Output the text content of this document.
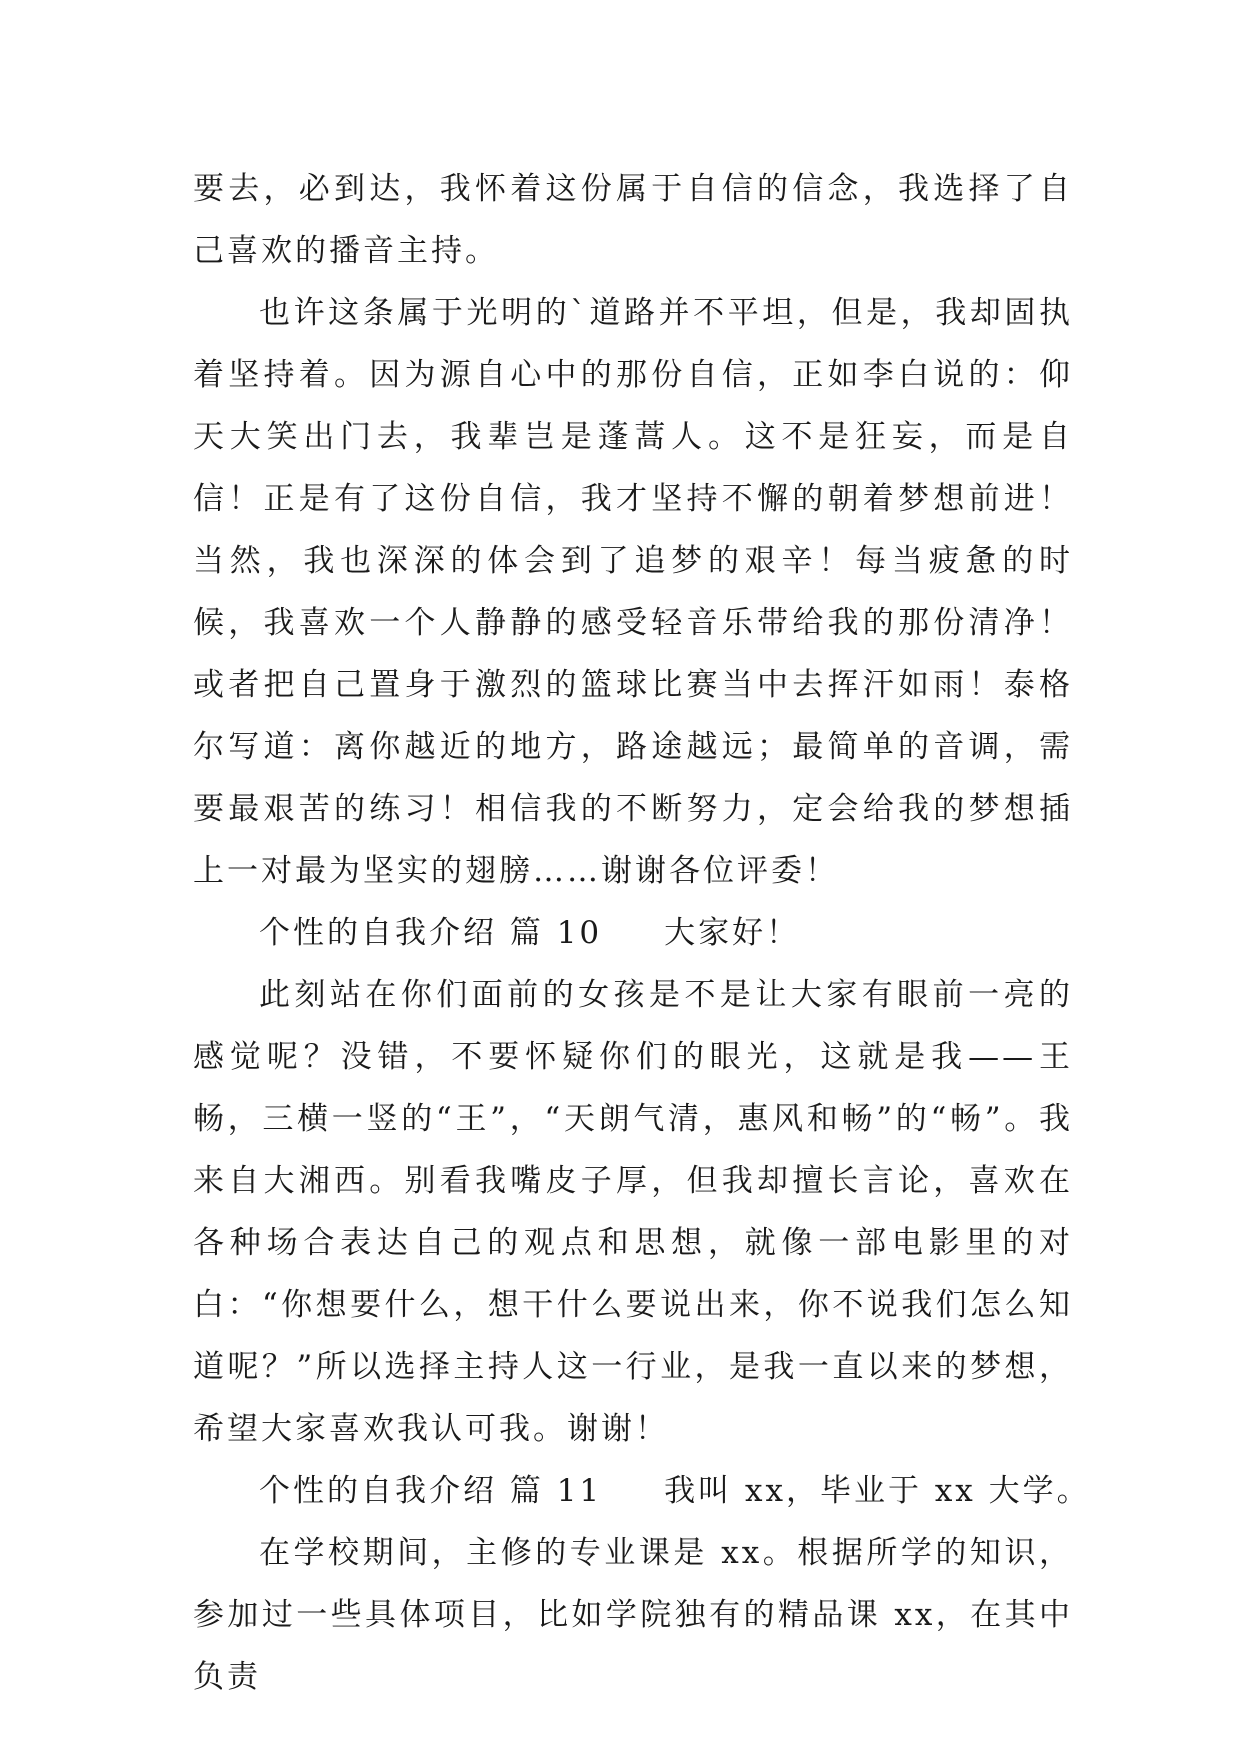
要去，必到达，我怀着这份属于自信的信念，我选择了自己喜欢的播音主持。

也许这条属于光明的`道路并不平坦，但是，我却固执着坚持着。因为源自心中的那份自信，正如李白说的：仰天大笑出门去，我辈岂是蓬蒿人。这不是狂妄，而是自信！正是有了这份自信，我才坚持不懈的朝着梦想前进！当然，我也深深的体会到了追梦的艰辛！每当疲惫的时候，我喜欢一个人静静的感受轻音乐带给我的那份清净！或者把自己置身于激烈的篮球比赛当中去挥汗如雨！泰格尔写道：离你越近的地方，路途越远；最简单的音调，需要最艰苦的练习！相信我的不断努力，定会给我的梦想插上一对最为坚实的翅膀……谢谢各位评委！

个性的自我介绍 篇 10 大家好！

此刻站在你们面前的女孩是不是让大家有眼前一亮的感觉呢？没错，不要怀疑你们的眼光，这就是我——王畅，三横一竖的“王”，“天朗气清，惠风和畅”的“畅”。我来自大湘西。别看我嘴皮子厚，但我却擅长言论，喜欢在各种场合表达自己的观点和思想，就像一部电影里的对白：“你想要什么，想干什么要说出来，你不说我们怎么知道呢？”所以选择主持人这一行业，是我一直以来的梦想，希望大家喜欢我认可我。谢谢！

个性的自我介绍 篇 11 我叫 xx，毕业于 xx 大学。

在学校期间，主修的专业课是 xx。根据所学的知识，参加过一些具体项目，比如学院独有的精品课 xx，在其中负责
